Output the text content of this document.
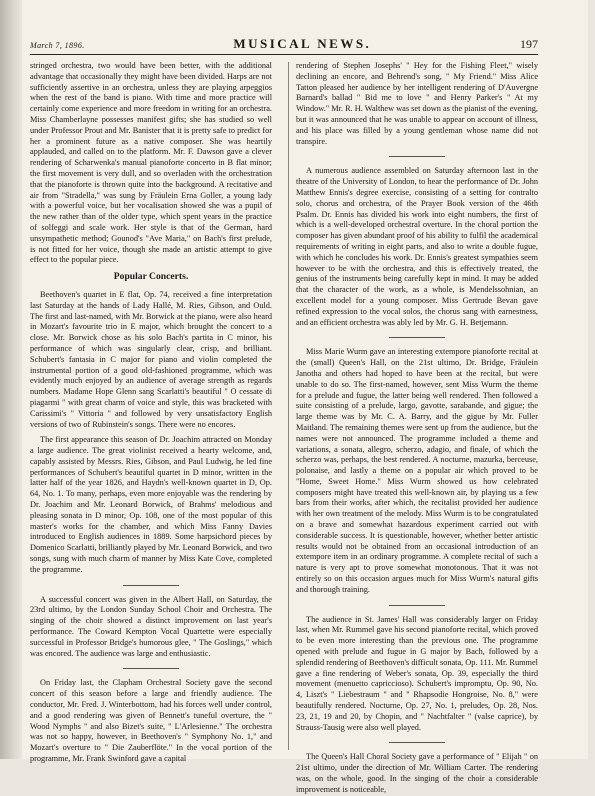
March 7, 1896.	MUSICAL NEWS.	197

stringed orchestra, two would have been better, with the additional advantage that occasionally they might have been divided. Harps are not sufficiently assertive in an orchestra, unless they are playing arpeggios when the rest of the band is piano. With time and more practice will certainly come experience and more freedom in writing for an orchestra. Miss Chamberlayne possesses manifest gifts; she has studied so well under Professor Prout and Mr. Banister that it is pretty safe to predict for her a prominent future as a native composer. She was heartily applauded, and called on to the platform. Mr. F. Dawson gave a clever rendering of Scharwenka's manual pianoforte concerto in B flat minor; the first movement is very dull, and so overladen with the orchestration that the pianoforte is thrown quite into the background. A recitative and air from "Stradella," was sung by Fräulein Erna Goller, a young lady with a powerful voice, but her vocalisation showed she was a pupil of the new rather than of the older type, which spent years in the practice of solfeggi and scale work. Her style is that of the German, hard unsympathetic method; Gounod's "Ave Maria," on Bach's first prelude, is not fitted for her voice, though she made an artistic attempt to give effect to the popular piece.

Popular Concerts.

Beethoven's quartet in E flat, Op. 74, received a fine interpretation last Saturday at the hands of Lady Hallé, M. Ries, Gibson, and Ould. The first and last-named, with Mr. Borwick at the piano, were also heard in Mozart's favourite trio in E major, which brought the concert to a close. Mr. Borwick chose as his solo Bach's partita in C minor, his performance of which was singularly clear, crisp, and brilliant. Schubert's fantasia in C major for piano and violin completed the instrumental portion of a good old-fashioned programme, which was evidently much enjoyed by an audience of average strength as regards numbers. Madame Hope Glenn sang Scarlatti's beautiful " O cessate di piagarmi " with great charm of voice and style, this was bracketed with Carissimi's " Vittoria " and followed by very unsatisfactory English versions of two of Rubinstein's songs. There were no encores.

The first appearance this season of Dr. Joachim attracted on Monday a large audience. The great violinist received a hearty welcome, and, capably assisted by Messrs. Ries, Gibson, and Paul Ludwig, he led fine performances of Schubert's beautiful quartet in D minor, written in the latter half of the year 1826, and Haydn's well-known quartet in D, Op. 64, No. 1. To many, perhaps, even more enjoyable was the rendering by Dr. Joachim and Mr. Leonard Borwick, of Brahms' melodious and pleasing sonata in D minor, Op. 108, one of the most popular of this master's works for the chamber, and which Miss Fanny Davies introduced to English audiences in 1889. Some harpsichord pieces by Domenico Scarlatti, brilliantly played by Mr. Leonard Borwick, and two songs, sung with much charm of manner by Miss Kate Cove, completed the programme.

A successful concert was given in the Albert Hall, on Saturday, the 23rd ultimo, by the London Sunday School Choir and Orchestra. The singing of the choir showed a distinct improvement on last year's performance. The Coward Kempton Vocal Quartette were especially successful in Professor Bridge's humorous glee, " The Goslings," which was encored. The audience was large and enthusiastic.

On Friday last, the Clapham Orchestral Society gave the second concert of this season before a large and friendly audience. The conductor, Mr. Fred. J. Winterbottom, had his forces well under control, and a good rendering was given of Bennett's tuneful overture, the " Wood Nymphs " and also Bizet's suite, " L'Arlesienne." The orchestra was not so happy, however, in Beethoven's " Symphony No. 1," and Mozart's overture to " Die Zauberflöte." In the vocal portion of the programme, Mr. Frank Swinford gave a capital

rendering of Stephen Josephs' " Hey for the Fishing Fleet," wisely declining an encore, and Behrend's song, " My Friend." Miss Alice Tatton pleased her audience by her intelligent rendering of D'Auvergne Barnard's ballad " Bid me to love " and Henry Parker's " At my Window." Mr. R. H. Walthew was set down as the pianist of the evening, but it was announced that he was unable to appear on account of illness, and his place was filled by a young gentleman whose name did not transpire.

A numerous audience assembled on Saturday afternoon last in the theatre of the University of London, to hear the performance of Dr. John Matthew Ennis's degree exercise, consisting of a setting for contralto solo, chorus and orchestra, of the Prayer Book version of the 46th Psalm. Dr. Ennis has divided his work into eight numbers, the first of which is a well-developed orchestral overture. In the choral portion the composer has given abundant proof of his ability to fulfil the academical requirements of writing in eight parts, and also to write a double fugue, with which he concludes his work. Dr. Ennis's greatest sympathies seem however to be with the orchestra, and this is effectively treated, the genius of the instruments being carefully kept in mind. It may be added that the character of the work, as a whole, is Mendelssohnian, an excellent model for a young composer. Miss Gertrude Bevan gave refined expression to the vocal solos, the chorus sang with earnestness, and an efficient orchestra was ably led by Mr. G. H. Betjemann.

Miss Marie Wurm gave an interesting extempore pianoforte recital at the (small) Queen's Hall, on the 21st ultimo, Dr. Bridge, Fräulein Janotha and others had hoped to have been at the recital, but were unable to do so. The first-named, however, sent Miss Wurm the theme for a prelude and fugue, the latter being well rendered. Then followed a suite consisting of a prelude, largo, gavotte, sarabande, and gigue; the large theme was by Mr. C. A. Barry, and the gigue by Mr. Fuller Maitland. The remaining themes were sent up from the audience, but the names were not announced. The programme included a theme and variations, a sonata, allegro, scherzo, adagio, and finale, of which the scherzo was, perhaps, the best rendered. A nocturne, mazurka, berceuse, polonaise, and lastly a theme on a popular air which proved to be "Home, Sweet Home." Miss Wurm showed us how celebrated composers might have treated this well-known air, by playing us a few bars from their works, after which, the recitalist provided her audience with her own treatment of the melody. Miss Wurm is to be congratulated on a brave and somewhat hazardous experiment carried out with considerable success. It is questionable, however, whether better artistic results would not be obtained from an occasional introduction of an extempore item in an ordinary programme. A complete recital of such a nature is very apt to prove somewhat monotonous. That it was not entirely so on this occasion argues much for Miss Wurm's natural gifts and thorough training.

The audience in St. James' Hall was considerably larger on Friday last, when Mr. Rummel gave his second pianoforte recital, which proved to be even more interesting than the previous one. The programme opened with prelude and fugue in G major by Bach, followed by a splendid rendering of Beethoven's difficult sonata, Op. 111. Mr. Rummel gave a fine rendering of Weber's sonata, Op. 39, especially the third movement (menuetto capriccioso). Schubert's impromptu, Op. 90, No. 4, Liszt's " Liebestraum " and " Rhapsodie Hongroise, No. 8," were beautifully rendered. Nocturne, Op. 27, No. 1, preludes, Op. 28, Nos. 23, 21, 19 and 20, by Chopin, and " Nachtfalter " (valse caprice), by Strauss-Tausig were also well played.

The Queen's Hall Choral Society gave a performance of " Elijah " on 21st ultimo, under the direction of Mr. William Carter. The rendering was, on the whole, good. In the singing of the choir a considerable improvement is noticeable,
